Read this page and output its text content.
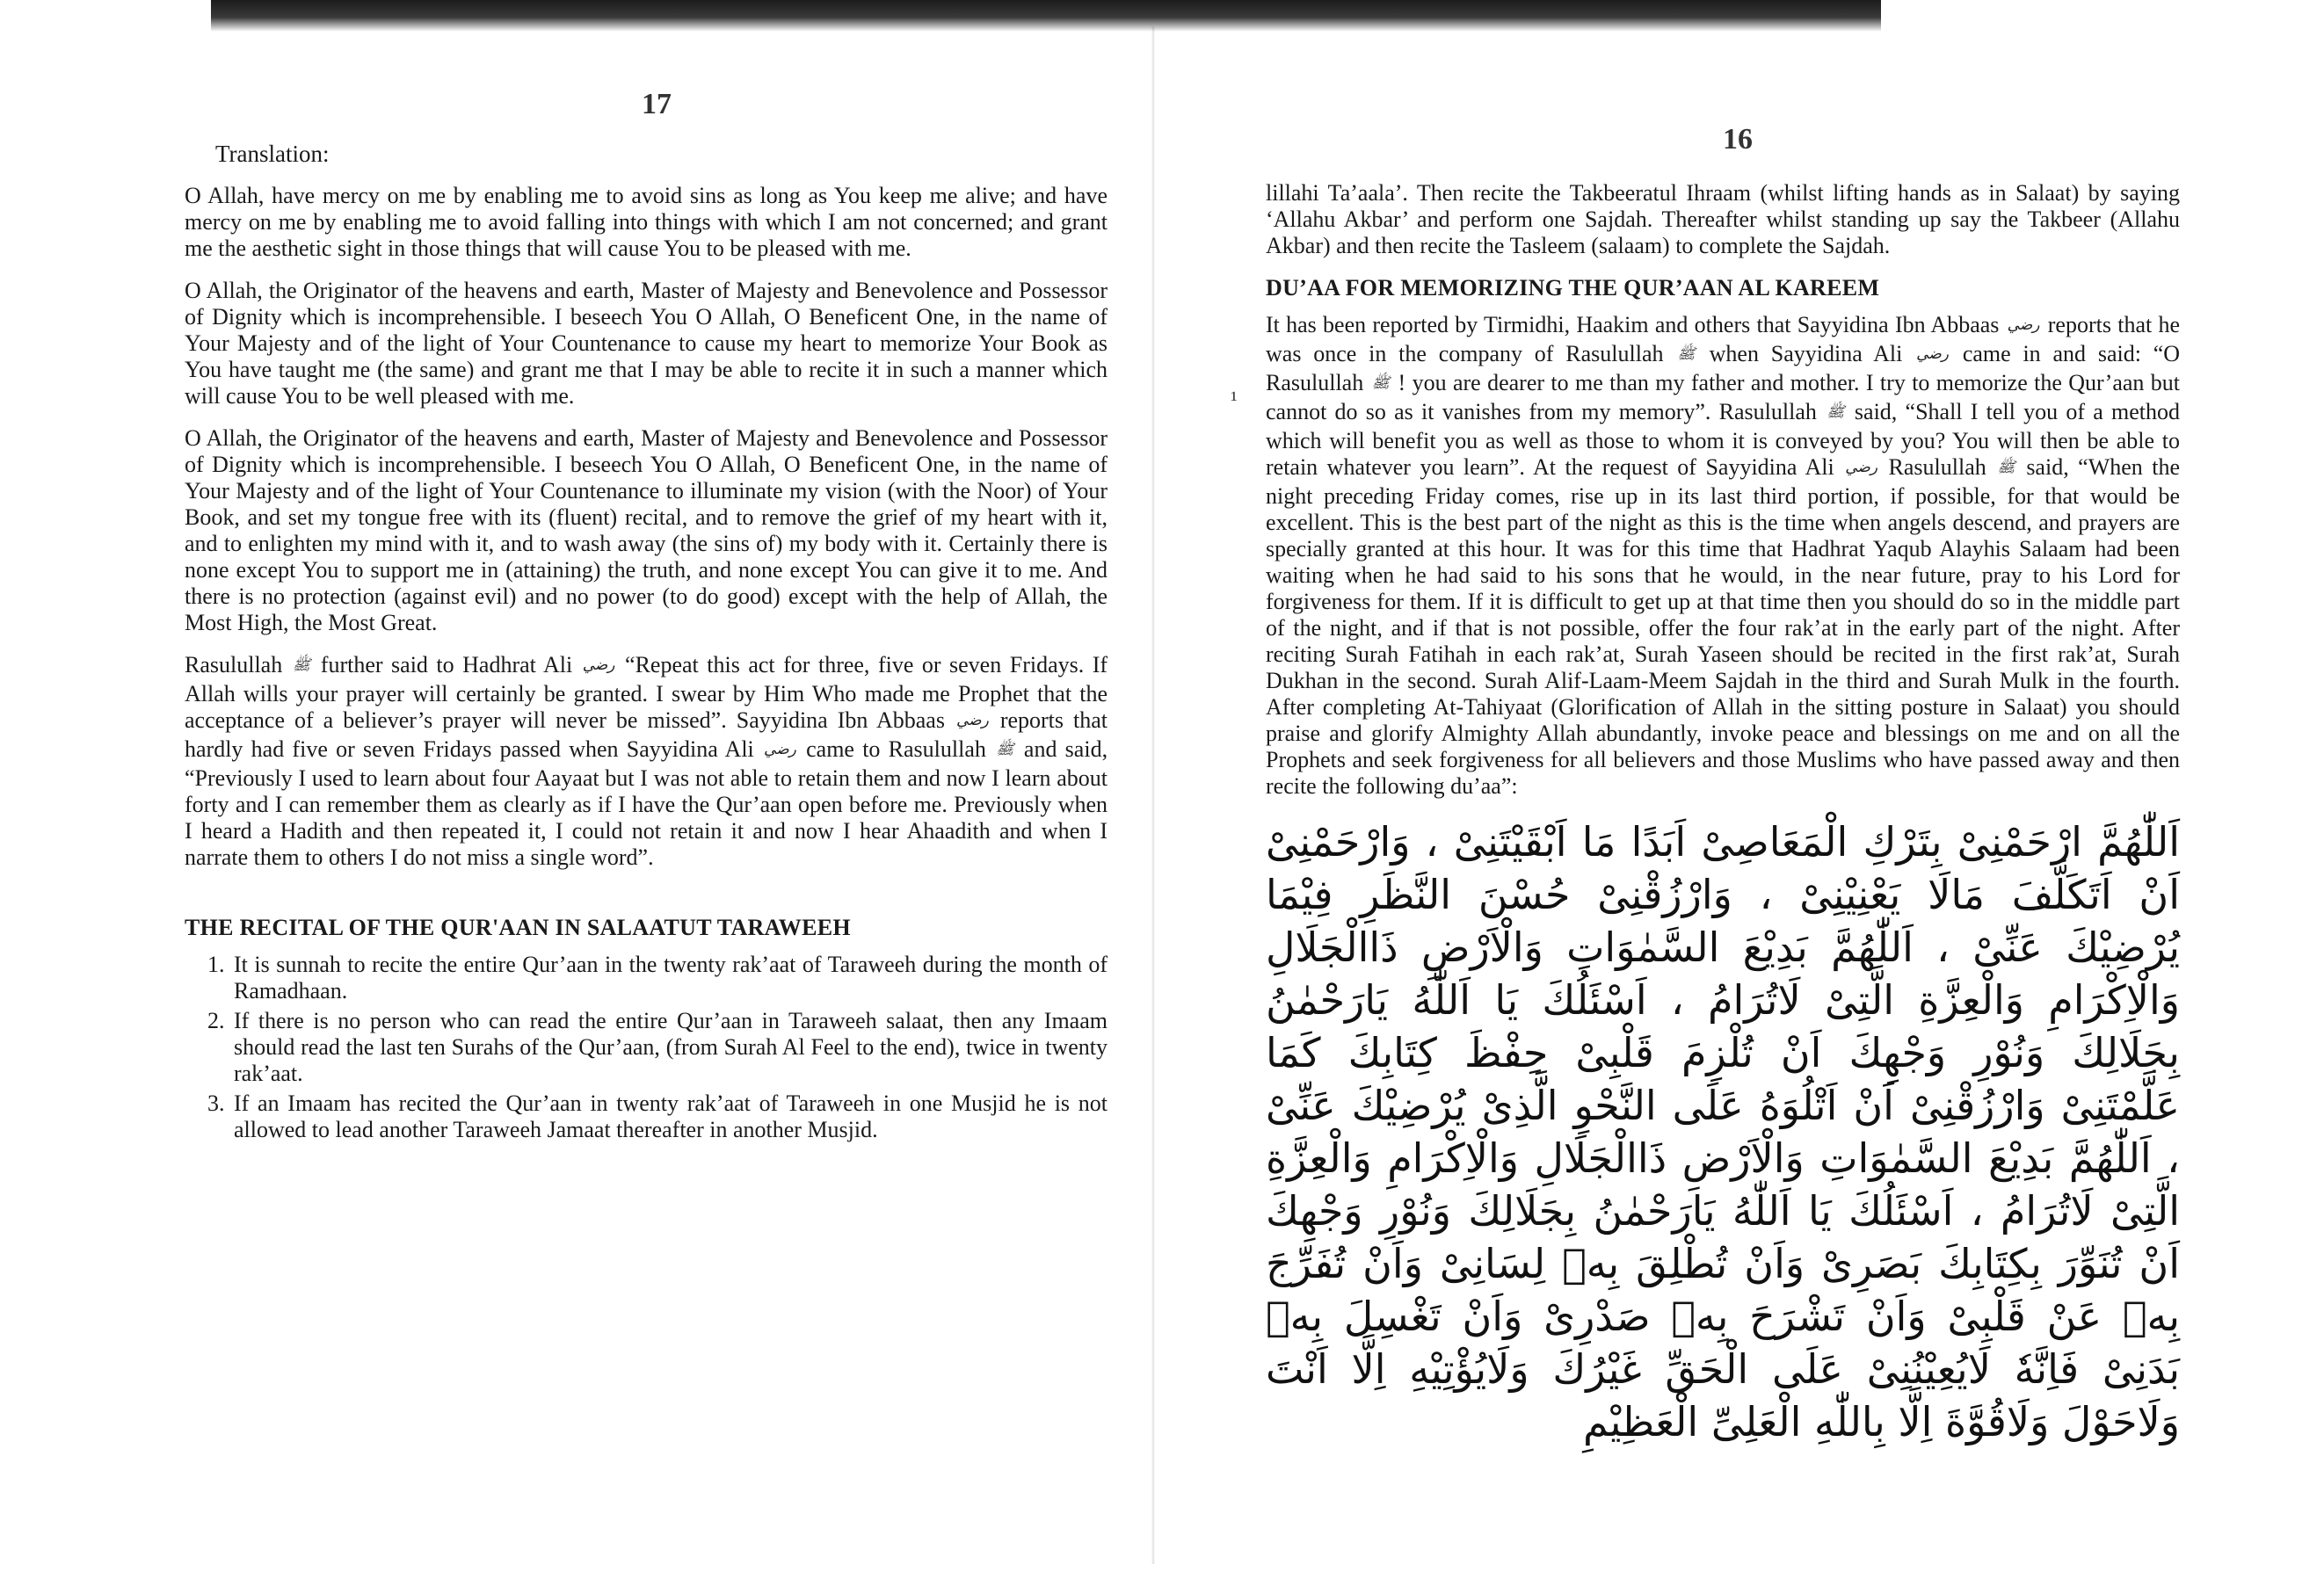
17
Translation:

O Allah, have mercy on me by enabling me to avoid sins as long as You keep me alive; and have mercy on me by enabling me to avoid falling into things with which I am not concerned; and grant me the aesthetic sight in those things that will cause You to be pleased with me.

O Allah, the Originator of the heavens and earth, Master of Majesty and Benevolence and Possessor of Dignity which is incomprehensible. I beseech You O Allah, O Beneficent One, in the name of Your Majesty and of the light of Your Countenance to cause my heart to memorize Your Book as You have taught me (the same) and grant me that I may be able to recite it in such a manner which will cause You to be well pleased with me.

O Allah, the Originator of the heavens and earth, Master of Majesty and Benevolence and Possessor of Dignity which is incomprehensible. I beseech You O Allah, O Beneficent One, in the name of Your Majesty and of the light of Your Countenance to illuminate my vision (with the Noor) of Your Book, and set my tongue free with its (fluent) recital, and to remove the grief of my heart with it, and to enlighten my mind with it, and to wash away (the sins of) my body with it. Certainly there is none except You to support me in (attaining) the truth, and none except You can give it to me. And there is no protection (against evil) and no power (to do good) except with the help of Allah, the Most High, the Most Great.

Rasulullah ﷺ further said to Hadhrat Ali رضي “Repeat this act for three, five or seven Fridays. If Allah wills your prayer will certainly be granted. I swear by Him Who made me Prophet that the acceptance of a believer’s prayer will never be missed”. Sayyidina Ibn Abbaas رضي reports that hardly had five or seven Fridays passed when Sayyidina Ali رضي came to Rasulullah ﷺ and said, “Previously I used to learn about four Aayaat but I was not able to retain them and now I learn about forty and I can remember them as clearly as if I have the Qur’aan open before me. Previously when I heard a Hadith and then repeated it, I could not retain it and now I hear Ahaadith and when I narrate them to others I do not miss a single word”.

THE RECITAL OF THE QUR'AAN IN SALAATUT TARAWEEH
1. It is sunnah to recite the entire Qur’aan in the twenty rak’aat of Taraweeh during the month of Ramadhaan.
2. If there is no person who can read the entire Qur’aan in Taraweeh salaat, then any Imaam should read the last ten Surahs of the Qur’aan, (from Surah Al Feel to the end), twice in twenty rak’aat.
3. If an Imaam has recited the Qur’aan in twenty rak’aat of Taraweeh in one Musjid he is not allowed to lead another Taraweeh Jamaat thereafter in another Musjid.
16

lillahi Ta’aala’. Then recite the Takbeeratul Ihraam (whilst lifting hands as in Salaat) by saying ‘Allahu Akbar’ and perform one Sajdah. Thereafter whilst standing up say the Takbeer (Allahu Akbar) and then recite the Tasleem (salaam) to complete the Sajdah.

DU’AA FOR MEMORIZING THE QUR’AAN AL KAREEM

It has been reported by Tirmidhi, Haakim and others that Sayyidina Ibn Abbaas رضي reports that he was once in the company of Rasulullah ﷺ when Sayyidina Ali رضي came in and said: “O Rasulullah ﷺ ! you are dearer to me than my father and mother. I try to memorize the Qur’aan but cannot do so as it vanishes from my memory”. Rasulullah ﷺ said, “Shall I tell you of a method which will benefit you as well as those to whom it is conveyed by you? You will then be able to retain whatever you learn”. At the request of Sayyidina Ali رضي Rasulullah ﷺ said, “When the night preceding Friday comes, rise up in its last third portion, if possible, for that would be excellent. This is the best part of the night as this is the time when angels descend, and prayers are specially granted at this hour. It was for this time that Hadhrat Yaqub Alayhis Salaam had been waiting when he had said to his sons that he would, in the near future, pray to his Lord for forgiveness for them. If it is difficult to get up at that time then you should do so in the middle part of the night, and if that is not possible, offer the four rak’at in the early part of the night. After reciting Surah Fatihah in each rak’at, Surah Yaseen should be recited in the first rak’at, Surah Dukhan in the second. Surah Alif-Laam-Meem Sajdah in the third and Surah Mulk in the fourth. After completing At-Tahiyaat (Glorification of Allah in the sitting posture in Salaat) you should praise and glorify Almighty Allah abundantly, invoke peace and blessings on me and on all the Prophets and seek forgiveness for all believers and those Muslims who have passed away and then recite the following du’aa”:

اَللّٰهُمَّ ارْحَمْنِىْ بِتَرْكِ الْمَعَاصِىْ اَبَدًا مَا اَبْقَيْتَنِىْ ، وَارْحَمْنِىْ اَنْ اَتَكَلَّفَ مَالَا يَعْنِيْنِىْ ، وَارْزُقْنِىْ حُسْنَ النَّظَرِ فِيْمَا يُرْضِيْكَ عَنِّىْ ، اَللّٰهُمَّ بَدِيْعَ السَّمٰوَاتِ وَالْاَرْضِ ذَاالْجَلَالِ وَالْاِكْرَامِ وَالْعِزَّةِ الَّتِىْ لَاتُرَامُ ، اَسْئَلُكَ يَا اَللّٰهُ يَارَحْمٰنُ بِجَلَالِكَ وَنُوْرِ وَجْهِكَ اَنْ تُلْزِمَ قَلْبِىْ حِفْظَ كِتَابِكَ كَمَا عَلَّمْتَنِىْ وَارْزُقْنِىْ اَنْ اَتْلُوَهُ عَلَى النَّحْوِ الَّذِىْ يُرْضِيْكَ عَنِّىْ ، اَللّٰهُمَّ بَدِيْعَ السَّمٰوَاتِ وَالْاَرْضِ ذَاالْجَلَالِ وَالْاِكْرَامِ وَالْعِزَّةِ الَّتِىْ لَاتُرَامُ ، اَسْئَلُكَ يَا اَللّٰهُ يَارَحْمٰنُ بِجَلَالِكَ وَنُوْرِ وَجْهِكَ اَنْ تُنَوِّرَ بِكِتَابِكَ بَصَرِىْ وَاَنْ تُطْلِقَ بِهٖ لِسَانِىْ وَاَنْ تُفَرِّجَ بِهٖ عَنْ قَلْبِىْ وَاَنْ تَشْرَحَ بِهٖ صَدْرِىْ وَاَنْ تَغْسِلَ بِهٖ بَدَنِىْ فَاِنَّهٗ لَايُعِيْنُنِىْ عَلَى الْحَقِّ غَيْرُكَ وَلَايُؤْتِيْهِ اِلَّا اَنْتَ وَلَاحَوْلَ وَلَاقُوَّةَ اِلَّا بِاللّٰهِ الْعَلِىِّ الْعَظِيْمِ
¹
